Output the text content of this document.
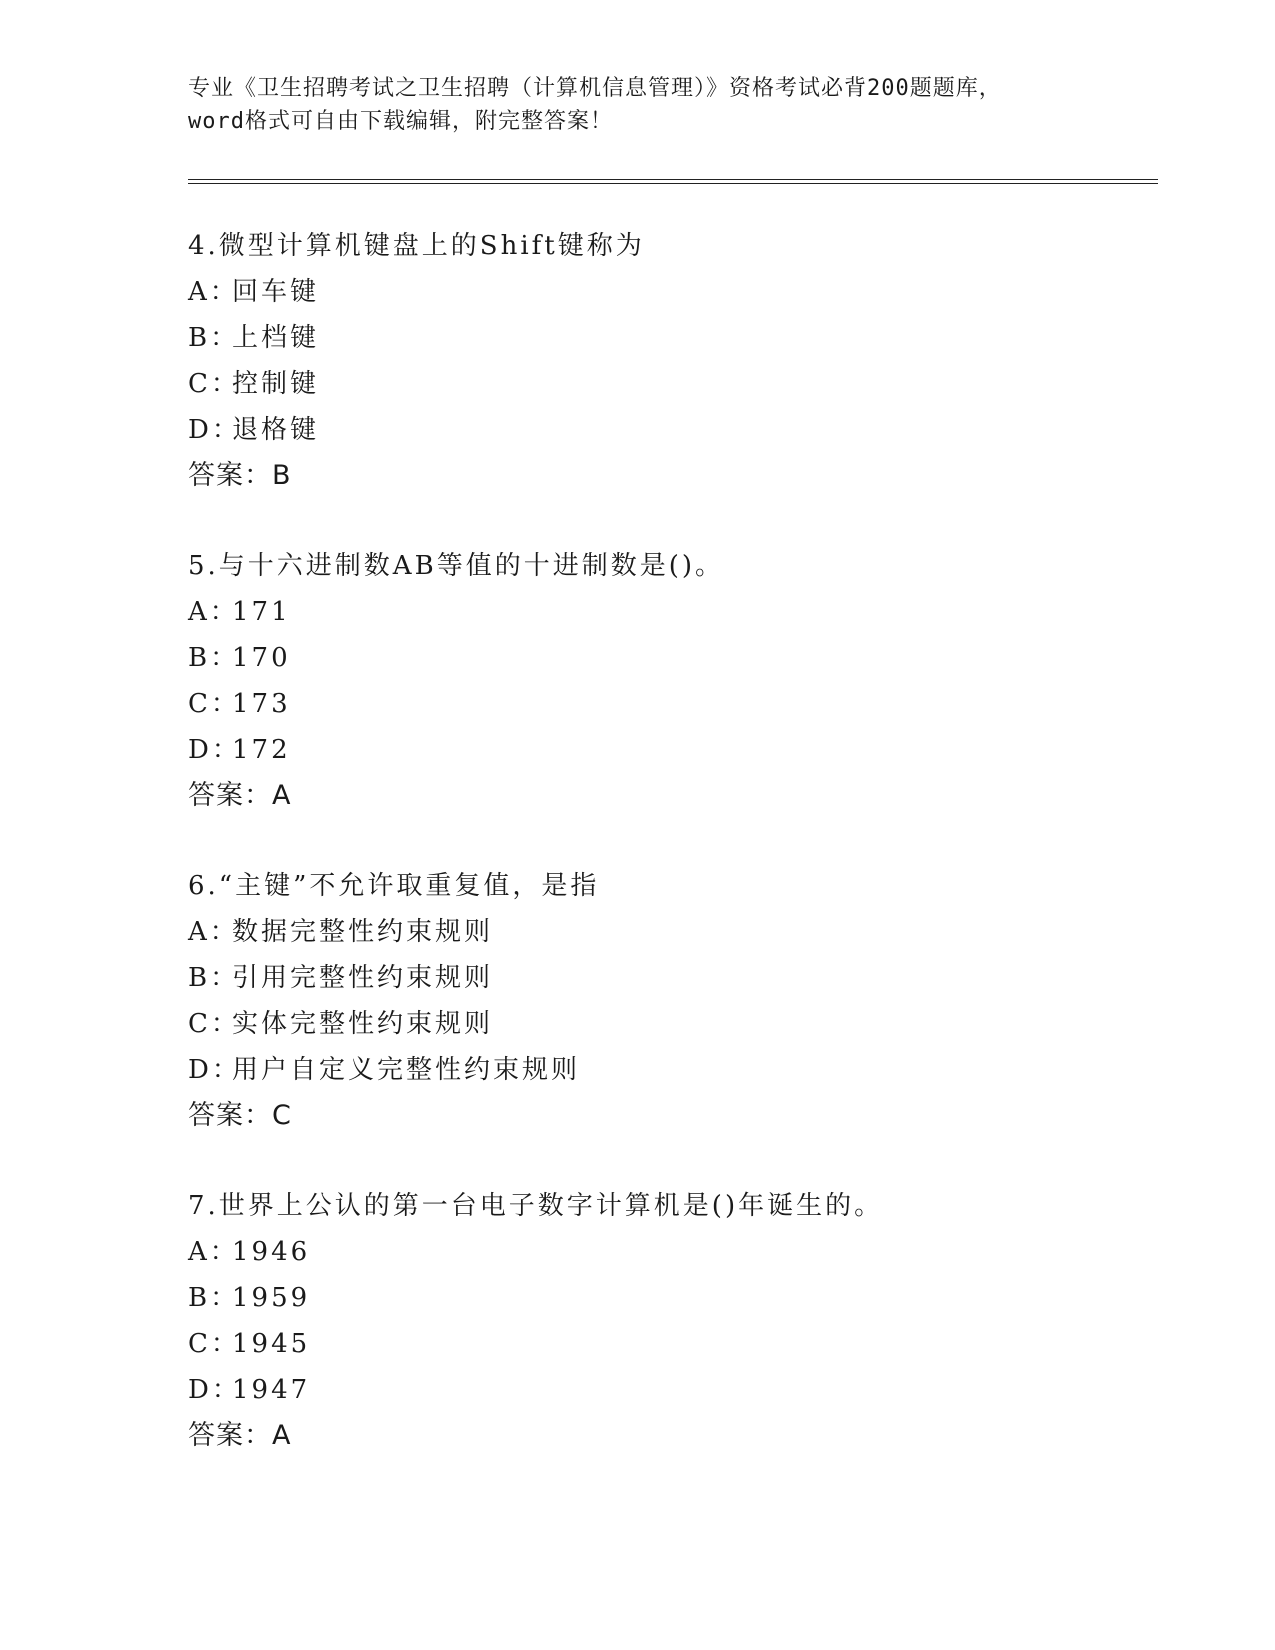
专业《卫生招聘考试之卫生招聘（计算机信息管理）》资格考试必背200题题库，
word格式可自由下载编辑，附完整答案！
4.微型计算机键盘上的Shift键称为
A：回车键
B：上档键
C：控制键
D：退格键
答案：B
5.与十六进制数AB等值的十进制数是()。
A：171
B：170
C：173
D：172
答案：A
6.“主键”不允许取重复值，是指
A：数据完整性约束规则
B：引用完整性约束规则
C：实体完整性约束规则
D：用户自定义完整性约束规则
答案：C
7.世界上公认的第一台电子数字计算机是()年诞生的。
A：1946
B：1959
C：1945
D：1947
答案：A
